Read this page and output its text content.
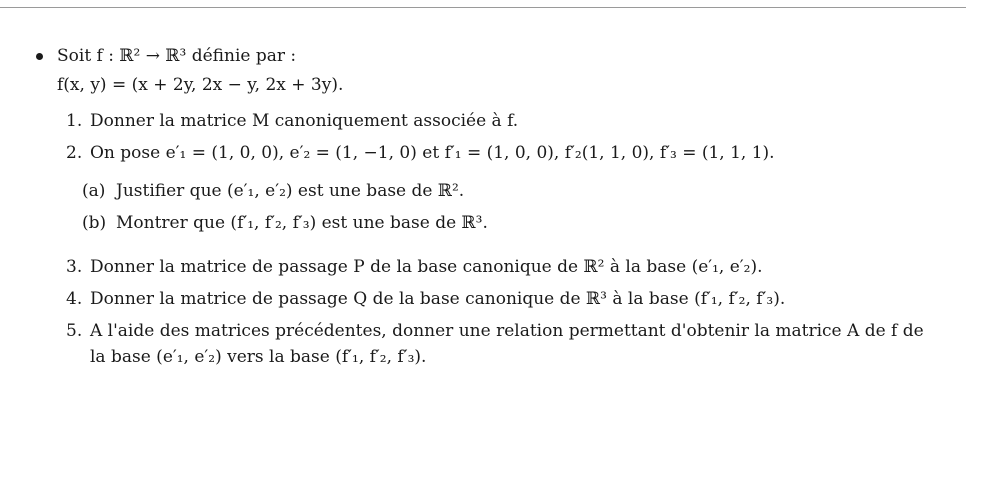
Soit f : ℝ² → ℝ³ définie par :
f(x, y) = (x + 2y, 2x − y, 2x + 3y).
1. Donner la matrice M canoniquement associée à f.
2. On pose e′₁ = (1, 0, 0), e′₂ = (1, −1, 0) et f′₁ = (1, 0, 0), f′₂(1, 1, 0), f′₃ = (1, 1, 1).
(a) Justifier que (e′₁, e′₂) est une base de ℝ².
(b) Montrer que (f′₁, f′₂, f′₃) est une base de ℝ³.
3. Donner la matrice de passage P de la base canonique de ℝ² à la base (e′₁, e′₂).
4. Donner la matrice de passage Q de la base canonique de ℝ³ à la base (f′₁, f′₂, f′₃).
5. A l'aide des matrices précédentes, donner une relation permettant d'obtenir la matrice A de f de
la base (e′₁, e′₂) vers la base (f′₁, f′₂, f′₃).
